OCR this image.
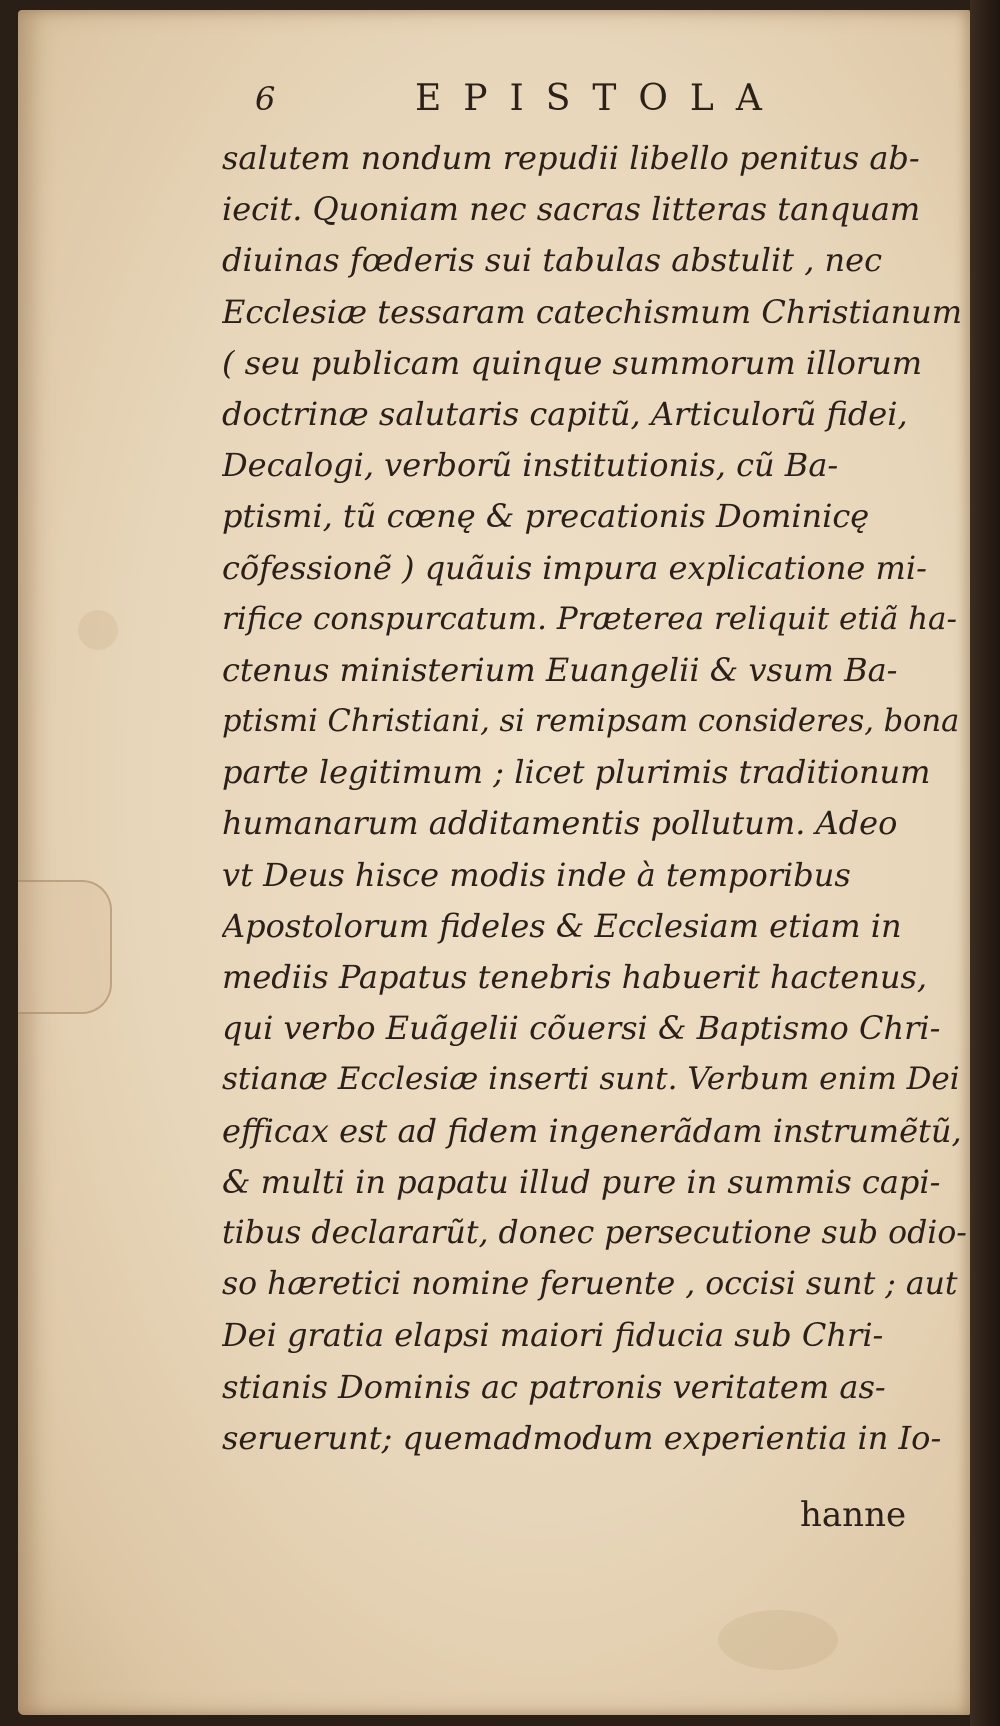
6	EPISTOLA
salutem nondum repudii libello penitus ab-
iecit. Quoniam nec sacras litteras tanquam
diuinas fœderis sui tabulas abstulit , nec
Ecclesiæ tessaram catechismum Christianum
( seu publicam quinque summorum illorum
doctrinæ salutaris capitũ, Articulorũ fidei,
Decalogi, verborũ institutionis, cũ Ba-
ptismi, tũ cœnę & precationis Dominicę
cõfessionẽ ) quãuis impura explicatione mi-
rifice conspurcatum. Præterea reliquit etiã ha-
ctenus ministerium Euangelii & vsum Ba-
ptismi Christiani, si remipsam consideres, bona
parte legitimum ; licet plurimis traditionum
humanarum additamentis pollutum. Adeo
vt Deus hisce modis inde à temporibus
Apostolorum fideles & Ecclesiam etiam in
mediis Papatus tenebris habuerit hactenus,
qui verbo Euãgelii cõuersi & Baptismo Chri-
stianæ Ecclesiæ inserti sunt. Verbum enim Dei
efficax est ad fidem ingenerãdam instrumẽtũ,
& multi in papatu illud pure in summis capi-
tibus declararũt, donec persecutione sub odio-
so hæretici nomine feruente , occisi sunt ; aut
Dei gratia elapsi maiori fiducia sub Chri-
stianis Dominis ac patronis veritatem as-
seruerunt; quemadmodum experientia in Io-
hanne
